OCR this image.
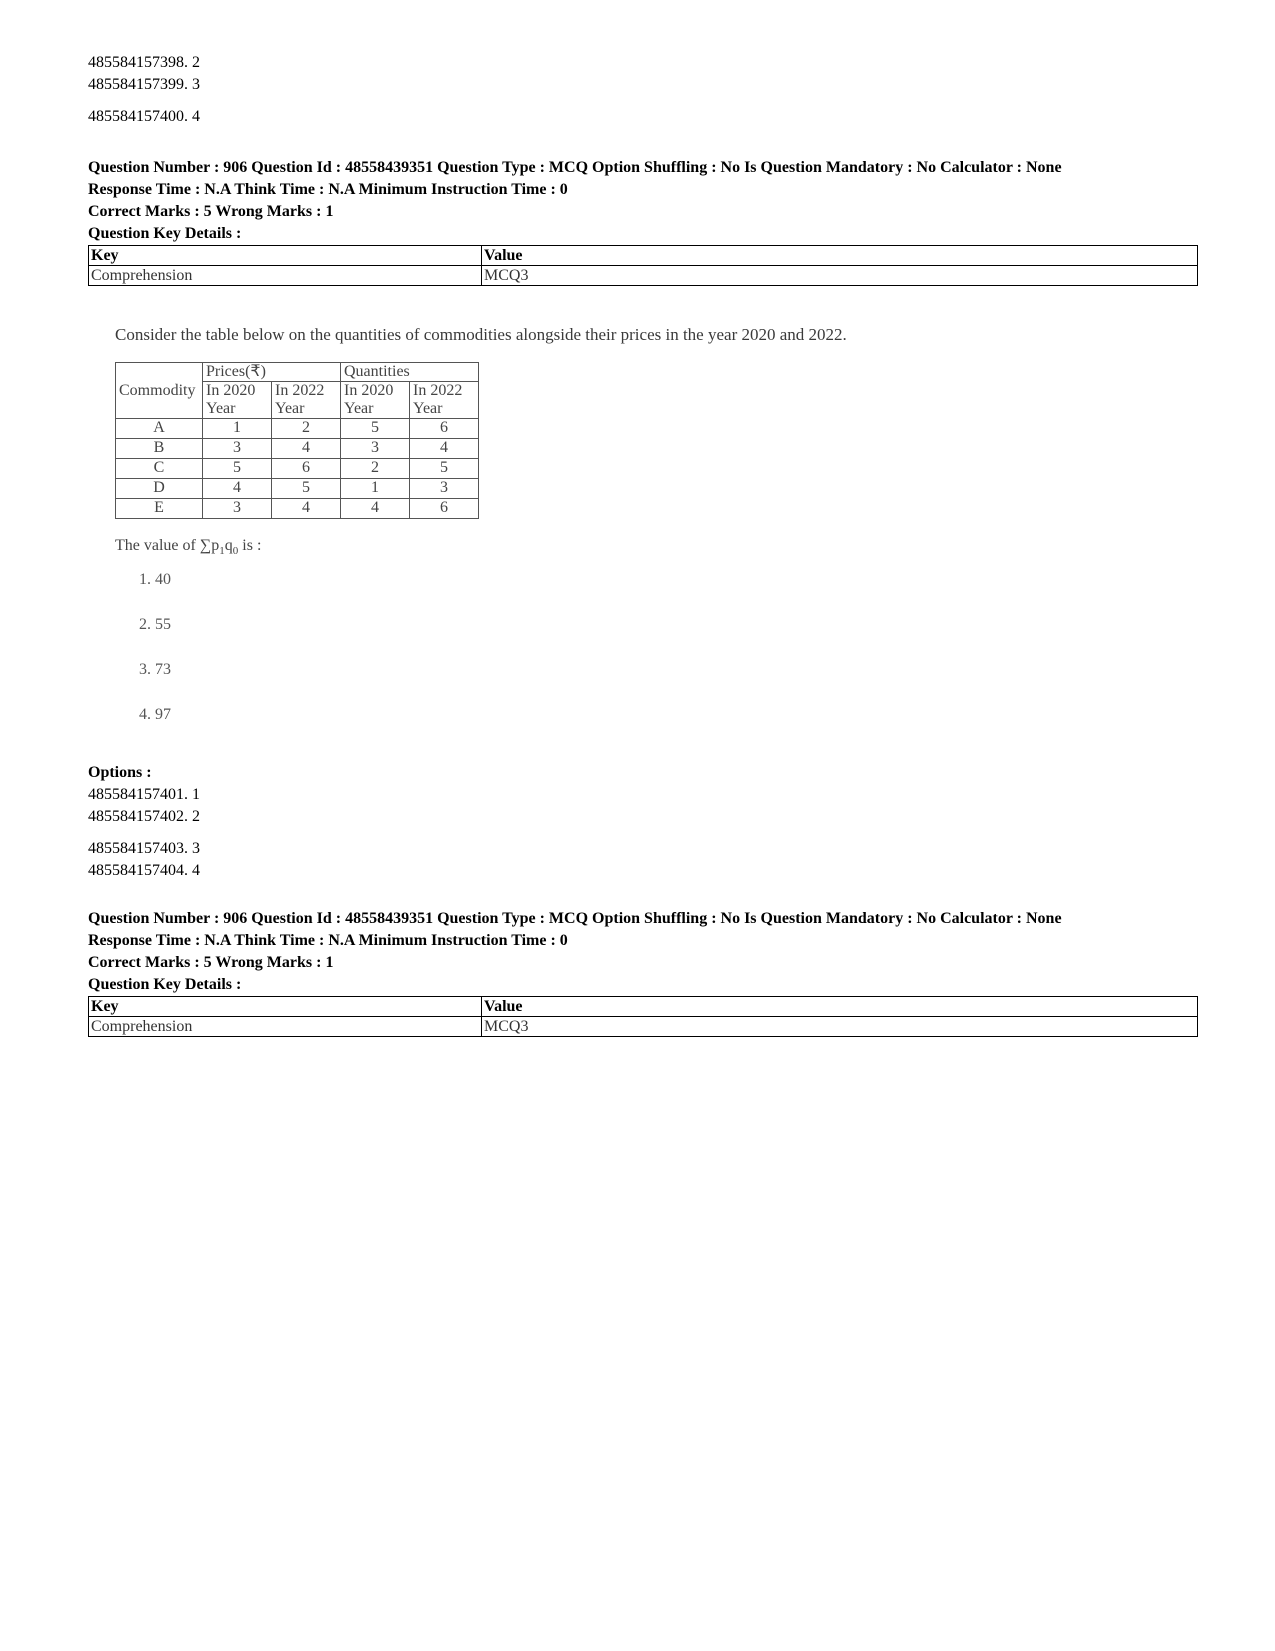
485584157398. 2
485584157399. 3
485584157400. 4
Question Number : 906 Question Id : 48558439351 Question Type : MCQ Option Shuffling : No Is Question Mandatory : No Calculator : None
Response Time : N.A Think Time : N.A Minimum Instruction Time : 0
Correct Marks : 5 Wrong Marks : 1
Question Key Details :
Key	Value
Comprehension	MCQ3
Consider the table below on the quantities of commodities alongside their prices in the year 2020 and 2022.
Commodity	Prices(₹)		Quantities	
	In 2020 Year	In 2022 Year	In 2020 Year	In 2022 Year
A	1	2	5	6
B	3	4	3	4
C	5	6	2	5
D	4	5	1	3
E	3	4	4	6
The value of $\sum p_1q_0$ is :
1. 40
2. 55
3. 73
4. 97
Options :
485584157401. 1
485584157402. 2
485584157403. 3
485584157404. 4
Question Number : 906 Question Id : 48558439351 Question Type : MCQ Option Shuffling : No Is Question Mandatory : No Calculator : None
Response Time : N.A Think Time : N.A Minimum Instruction Time : 0
Correct Marks : 5 Wrong Marks : 1
Question Key Details :
Key	Value
Comprehension	MCQ3
